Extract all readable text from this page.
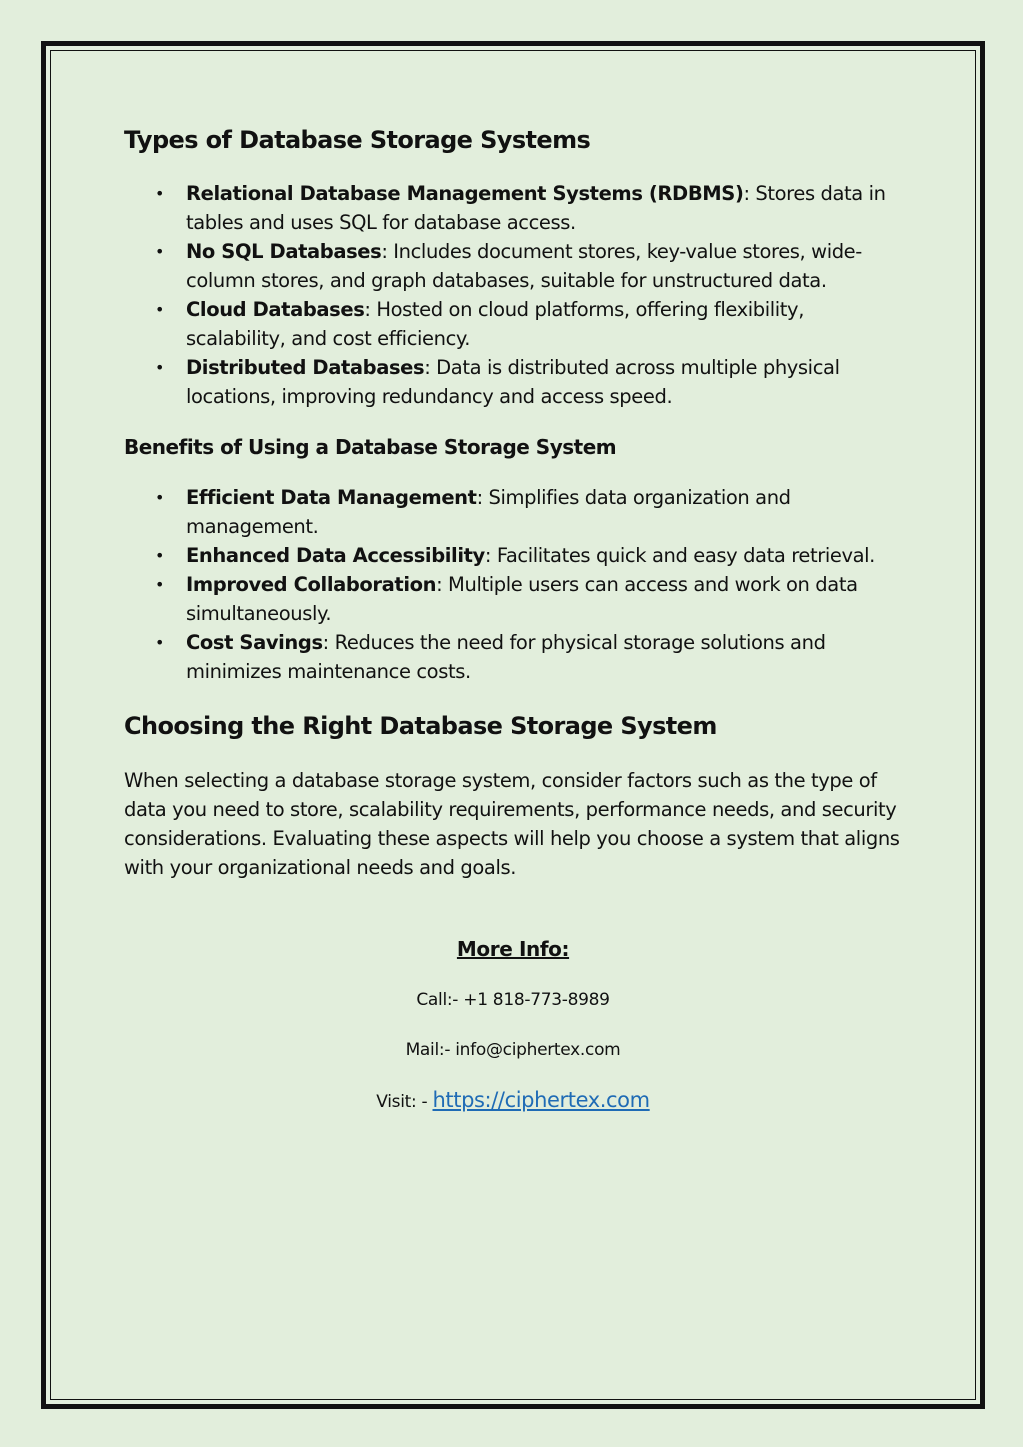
Types of Database Storage Systems
• Relational Database Management Systems (RDBMS): Stores data in tables and uses SQL for database access.
• No SQL Databases: Includes document stores, key-value stores, wide-column stores, and graph databases, suitable for unstructured data.
• Cloud Databases: Hosted on cloud platforms, offering flexibility, scalability, and cost efficiency.
• Distributed Databases: Data is distributed across multiple physical locations, improving redundancy and access speed.
Benefits of Using a Database Storage System
• Efficient Data Management: Simplifies data organization and management.
• Enhanced Data Accessibility: Facilitates quick and easy data retrieval.
• Improved Collaboration: Multiple users can access and work on data simultaneously.
• Cost Savings: Reduces the need for physical storage solutions and minimizes maintenance costs.
Choosing the Right Database Storage System

When selecting a database storage system, consider factors such as the type of data you need to store, scalability requirements, performance needs, and security considerations. Evaluating these aspects will help you choose a system that aligns with your organizational needs and goals.

More Info:
Call:- +1 818-773-8989
Mail:- info@ciphertex.com
Visit: - https://ciphertex.com
